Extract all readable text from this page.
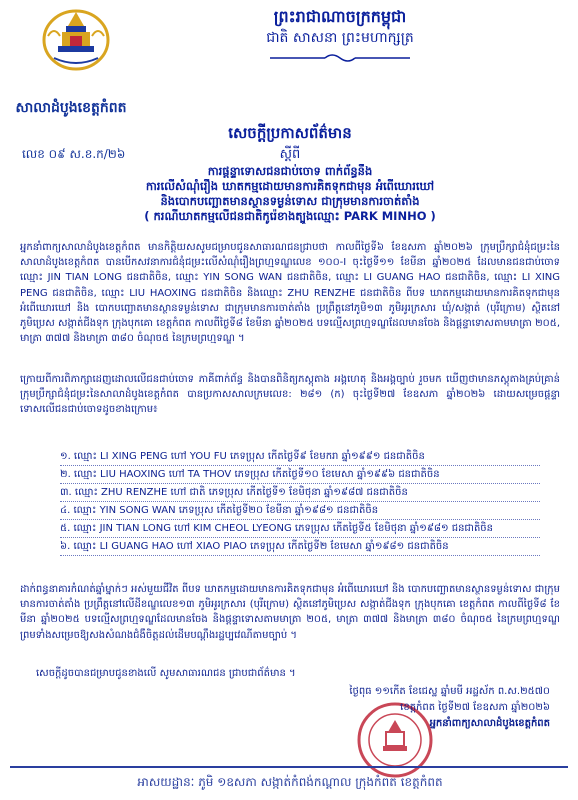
សាលាដំបូងខេត្តកំពត
លេខ ០៩ ស.ខ.ក/២៦
ព្រះរាជាណាចក្រកម្ពុជា
ជាតិ សាសនា ព្រះមហាក្សត្រ
សេចក្តីប្រកាសព័ត៌មាន
ស្តីពី
ការផ្តន្ទាទោសជនជាប់ចោទ ពាក់ព័ន្ធនឹង
ការលើសំណុំរឿង ឃាតកម្មដោយមានការគិតទុកជាមុន អំពើឃោរឃៅ
និងបោកបញ្ឆោតមានស្ថានទម្ងន់ទោស ជាក្រុមមានការចាត់តាំង
( ករណីឃាតកម្មលើជនជាតិកូរ៉េខាងត្បូងឈ្មោះ PARK MINHO )

អ្នកនាំពាក្យសាលាដំបូងខេត្តកំពត មានកិត្តិយសសូមជម្រាបជូនសាធារណជនជ្រាបថា កាលពីថ្ងៃទី៦ ខែឧសភា ឆ្នាំ២០២៦ ក្រុមប្រឹក្សាជំនុំជម្រះនៃសាលាដំបូងខេត្តកំពត បានបើកសវនាការជំនុំជម្រះលើសំណុំរឿងព្រហ្មទណ្ឌលេខ ១០០-I ចុះថ្ងៃទី១១ ខែមីនា ឆ្នាំ២០២៥ ដែលមានជនជាប់ចោទឈ្មោះ JIN TIAN LONG ជនជាតិចិន, ឈ្មោះ YIN SONG WAN ជនជាតិចិន, ឈ្មោះ LI GUANG HAO ជនជាតិចិន, ឈ្មោះ LI XING PENG ជនជាតិចិន, ឈ្មោះ LIU HAOXING ជនជាតិចិន និងឈ្មោះ ZHU RENZHE ជនជាតិចិន ពីបទ ឃាតកម្មដោយមានការគិតទុកជាមុន អំពើឃោរឃៅ និង បោកបញ្ឆោតមានស្ថានទម្ងន់ទោស ជាក្រុមមានការចាត់តាំង ប្រព្រឹត្តនៅភូមិ១៣ ភូមិអូរក្រសារ ឃុំ/សង្កាត់ (បុរីក្រោម) ស្ថិតនៅភូមិប្រេស សង្កាត់ជីងទុក ក្រុងបុកគោ ខេត្តកំពត កាលពីថ្ងៃទី៨ ខែមីនា ឆ្នាំ២០២៥ បទល្មើសព្រហ្មទណ្ឌដែលមានចែង និងផ្តន្ទាទោសតាមមាត្រា ២០៥, មាត្រា ៣៧៧ និងមាត្រា ៣៨០ ចំណុច៥ នៃក្រមព្រហ្មទណ្ឌ ។

ក្រោយពីការពិភាក្សាដេញដោលលើជនជាប់ចោទ ភាគីពាក់ព័ន្ធ និងបានពិនិត្យភស្តុតាង អង្គហេតុ និងអង្គច្បាប់ រួចមក ឃើញថាមានភស្តុតាងគ្រប់គ្រាន់ ក្រុមប្រឹក្សាជំនុំជម្រះនៃសាលាដំបូងខេត្តកំពត បានប្រកាសសាលក្រមលេខ: ២៨១ (ក) ចុះថ្ងៃទី២៧ ខែឧសភា ឆ្នាំ២០២៦ ដោយសម្រេចផ្តន្ទាទោសលើជនជាប់ចោទដូចខាងក្រោម៖

១. ឈ្មោះ LI XING PENG ហៅ YOU FU ភេទប្រុស កើតថ្ងៃទី៩ ខែមករា ឆ្នាំ១៩៩១ ជនជាតិចិន
២. ឈ្មោះ LIU HAOXING ហៅ TA THOV ភេទប្រុស កើតថ្ងៃទី១០ ខែមេសា ឆ្នាំ១៩៩៦ ជនជាតិចិន
៣. ឈ្មោះ ZHU RENZHE ហៅ ជាតិ ភេទប្រុស កើតថ្ងៃទី១ ខែមិថុនា ឆ្នាំ១៩៨៧ ជនជាតិចិន
៤. ឈ្មោះ YIN SONG WAN ភេទប្រុស កើតថ្ងៃទី២០ ខែមីនា ឆ្នាំ១៩៨១ ជនជាតិចិន
៥. ឈ្មោះ JIN TIAN LONG ហៅ KIM CHEOL LYEONG ភេទប្រុស កើតថ្ងៃទី៥ ខែមិថុនា ឆ្នាំ១៩៨១ ជនជាតិចិន
៦. ឈ្មោះ LI GUANG HAO ហៅ XIAO PIAO ភេទប្រុស កើតថ្ងៃទី២ ខែមេសា ឆ្នាំ១៩៨១ ជនជាតិចិន

ដាក់ពន្ធនាគារកំណត់ឆ្នាំម្នាក់ៗ អស់មួយជីវិត ពីបទ ឃាតកម្មដោយមានការគិតទុកជាមុន អំពើឃោរឃៅ និង បោកបញ្ឆោតមានស្ថានទម្ងន់ទោស ជាក្រុមមានការចាត់តាំង ប្រព្រឹត្តនៅលើដីខណ្ឌលេខ១៣ ភូមិអូរក្រសារ (បុរីក្រោម) ស្ថិតនៅភូមិប្រេស សង្កាត់ជីងទុក ក្រុងបុកគោ ខេត្តកំពត កាលពីថ្ងៃទី៨ ខែមីនា ឆ្នាំ២០២៥ បទល្មើសព្រហ្មទណ្ឌដែលមានចែង និងផ្តន្ទាទោសតាមមាត្រា ២០៥, មាត្រា ៣៧៧ និងមាត្រា ៣៨០ ចំណុច៥ នៃក្រមព្រហ្មទណ្ឌ ព្រមទាំងសម្រេចឱ្យសងសំណងជំងឺចិត្តដល់ដើមបណ្តឹងរដ្ឋប្បវេណីតាមច្បាប់ ។

សេចក្តីដូចបានជម្រាបជូនខាងលើ សូមសាធារណជន ជ្រាបជាព័ត៌មាន ។
ថ្ងៃពុធ ១១កើត ខែជេស្ឋ ឆ្នាំមមី អដ្ឋស័ក ព.ស.២៥៧០
ខេត្តកំពត ថ្ងៃទី២៧ ខែឧសភា ឆ្នាំ២០២៦
អ្នកនាំពាក្យសាលាដំបូងខេត្តកំពត
អាសយដ្ឋានៈ ភូមិ ១ឧសភា សង្កាត់កំពង់កណ្តាល ក្រុងកំពត ខេត្តកំពត
